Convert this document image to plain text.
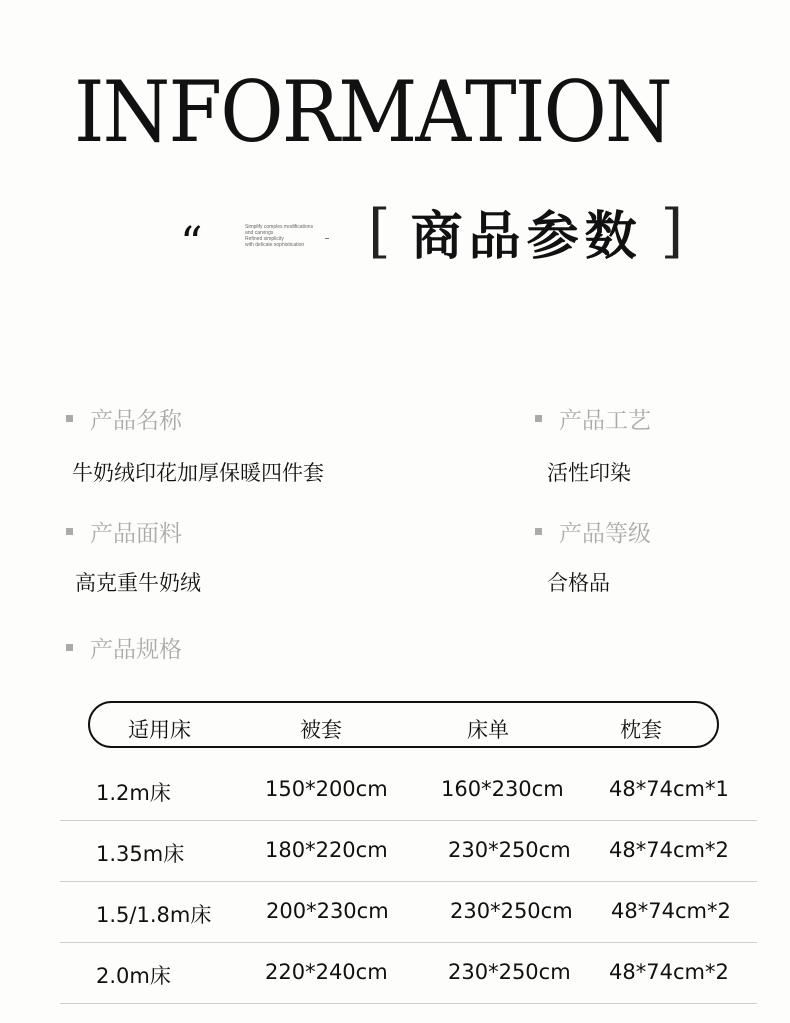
INFORMATION
“	Simplify complex modifications
and carvings
Refined simplicity
with delicate sophistication [ 商品参数 ]
产品名称
牛奶绒印花加厚保暖四件套
产品工艺
活性印染
产品面料
高克重牛奶绒
产品等级
合格品
产品规格
适用床	被套	床单	枕套
1.2m床	150*200cm	160*230cm 48*74cm*1
1.35m床	180*220cm	230*250cm 48*74cm*2
1.5/1.8m床	200*230cm	230*250cm 48*74cm*2
2.0m床	220*240cm	230*250cm 48*74cm*2
